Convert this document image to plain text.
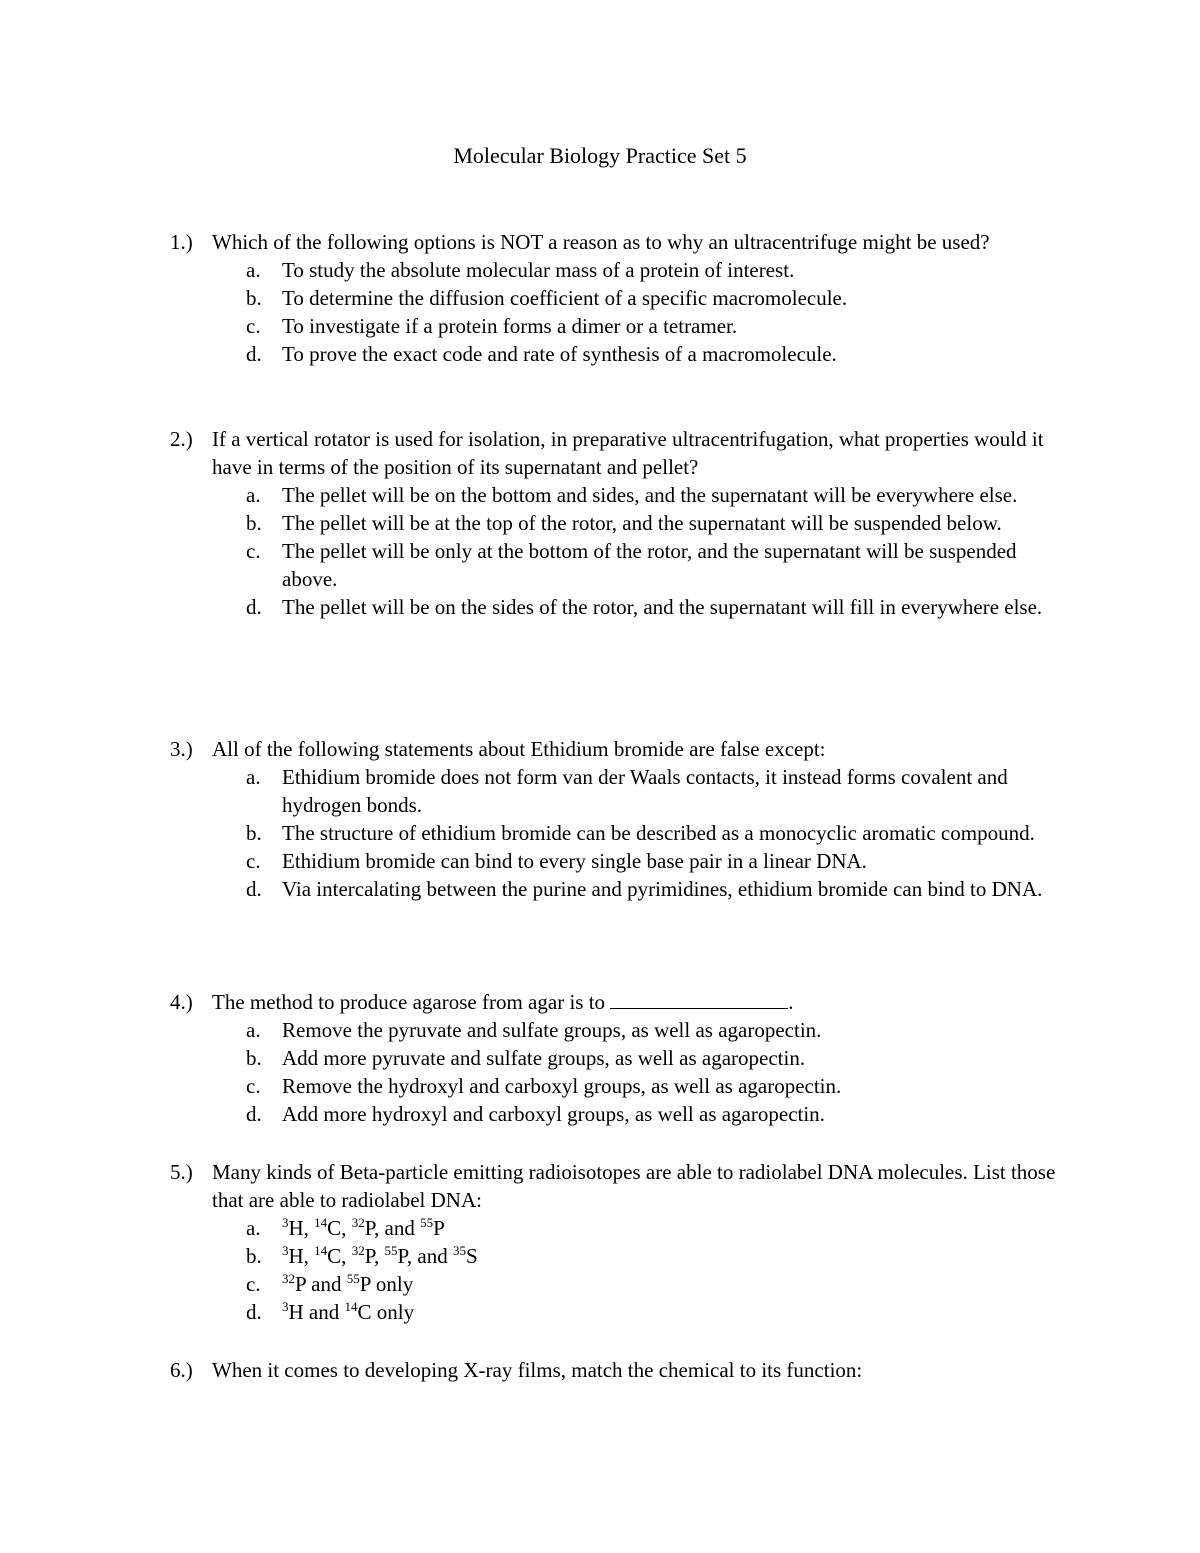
Molecular Biology Practice Set 5
1.) Which of the following options is NOT a reason as to why an ultracentrifuge might be used?
a. To study the absolute molecular mass of a protein of interest.
b. To determine the diffusion coefficient of a specific macromolecule.
c. To investigate if a protein forms a dimer or a tetramer.
d. To prove the exact code and rate of synthesis of a macromolecule.
2.) If a vertical rotator is used for isolation, in preparative ultracentrifugation, what properties would it have in terms of the position of its supernatant and pellet?
a. The pellet will be on the bottom and sides, and the supernatant will be everywhere else.
b. The pellet will be at the top of the rotor, and the supernatant will be suspended below.
c. The pellet will be only at the bottom of the rotor, and the supernatant will be suspended above.
d. The pellet will be on the sides of the rotor, and the supernatant will fill in everywhere else.
3.) All of the following statements about Ethidium bromide are false except:
a. Ethidium bromide does not form van der Waals contacts, it instead forms covalent and hydrogen bonds.
b. The structure of ethidium bromide can be described as a monocyclic aromatic compound.
c. Ethidium bromide can bind to every single base pair in a linear DNA.
d. Via intercalating between the purine and pyrimidines, ethidium bromide can bind to DNA.
4.) The method to produce agarose from agar is to	.
a. Remove the pyruvate and sulfate groups, as well as agaropectin.
b. Add more pyruvate and sulfate groups, as well as agaropectin.
c. Remove the hydroxyl and carboxyl groups, as well as agaropectin.
d. Add more hydroxyl and carboxyl groups, as well as agaropectin.
5.) Many kinds of Beta-particle emitting radioisotopes are able to radiolabel DNA molecules. List those that are able to radiolabel DNA:
a. $^3$H, $^{14}$C, $^{32}$P, and $^{55}$P
b. $^3$H, $^{14}$C, $^{32}$P, $^{55}$P, and $^{35}$S
c. $^{32}$P and $^{55}$P only
d. $^3$H and $^{14}$C only
6.) When it comes to developing X-ray films, match the chemical to its function:
